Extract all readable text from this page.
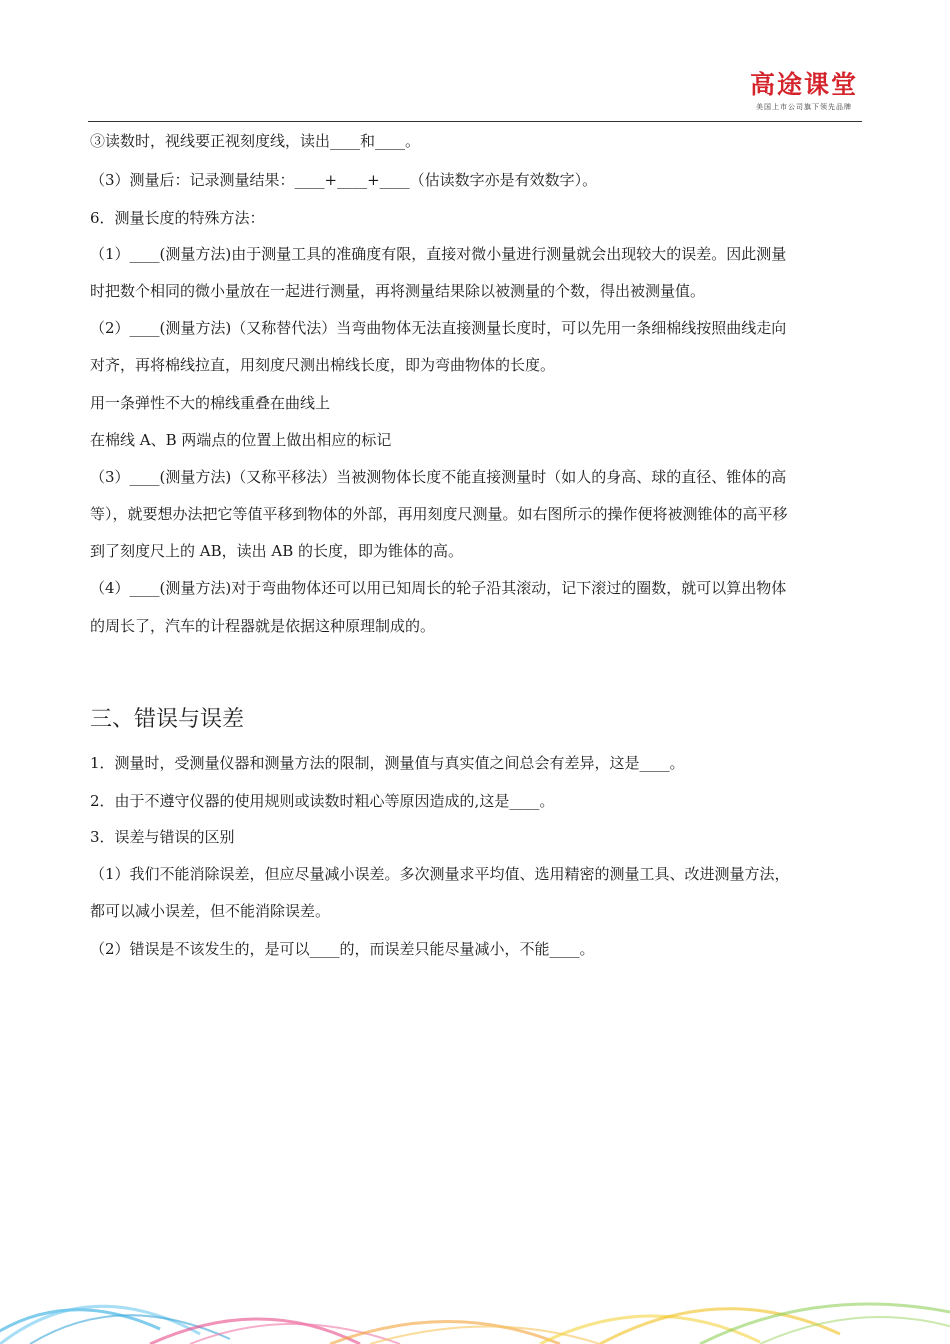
高途课堂
美国上市公司旗下领先品牌
③读数时，视线要正视刻度线，读出____和____。
（3）测量后：记录测量结果：____+____+____（估读数字亦是有效数字）。
6．测量长度的特殊方法：
（1）____(测量方法)由于测量工具的准确度有限，直接对微小量进行测量就会出现较大的误差。因此测量
时把数个相同的微小量放在一起进行测量，再将测量结果除以被测量的个数，得出被测量值。
（2）____(测量方法)（又称替代法）当弯曲物体无法直接测量长度时，可以先用一条细棉线按照曲线走向
对齐，再将棉线拉直，用刻度尺测出棉线长度，即为弯曲物体的长度。
用一条弹性不大的棉线重叠在曲线上
在棉线 A、B 两端点的位置上做出相应的标记
（3）____(测量方法)（又称平移法）当被测物体长度不能直接测量时（如人的身高、球的直径、锥体的高
等），就要想办法把它等值平移到物体的外部，再用刻度尺测量。如右图所示的操作便将被测锥体的高平移
到了刻度尺上的 AB，读出 AB 的长度，即为锥体的高。
（4）____(测量方法)对于弯曲物体还可以用已知周长的轮子沿其滚动，记下滚过的圈数，就可以算出物体
的周长了，汽车的计程器就是依据这种原理制成的。
三、错误与误差
1．测量时，受测量仪器和测量方法的限制，测量值与真实值之间总会有差异，这是____。
2．由于不遵守仪器的使用规则或读数时粗心等原因造成的,这是____。
3．误差与错误的区别
（1）我们不能消除误差，但应尽量减小误差。多次测量求平均值、选用精密的测量工具、改进测量方法，
都可以减小误差，但不能消除误差。
（2）错误是不该发生的，是可以____的，而误差只能尽量减小，不能____。
